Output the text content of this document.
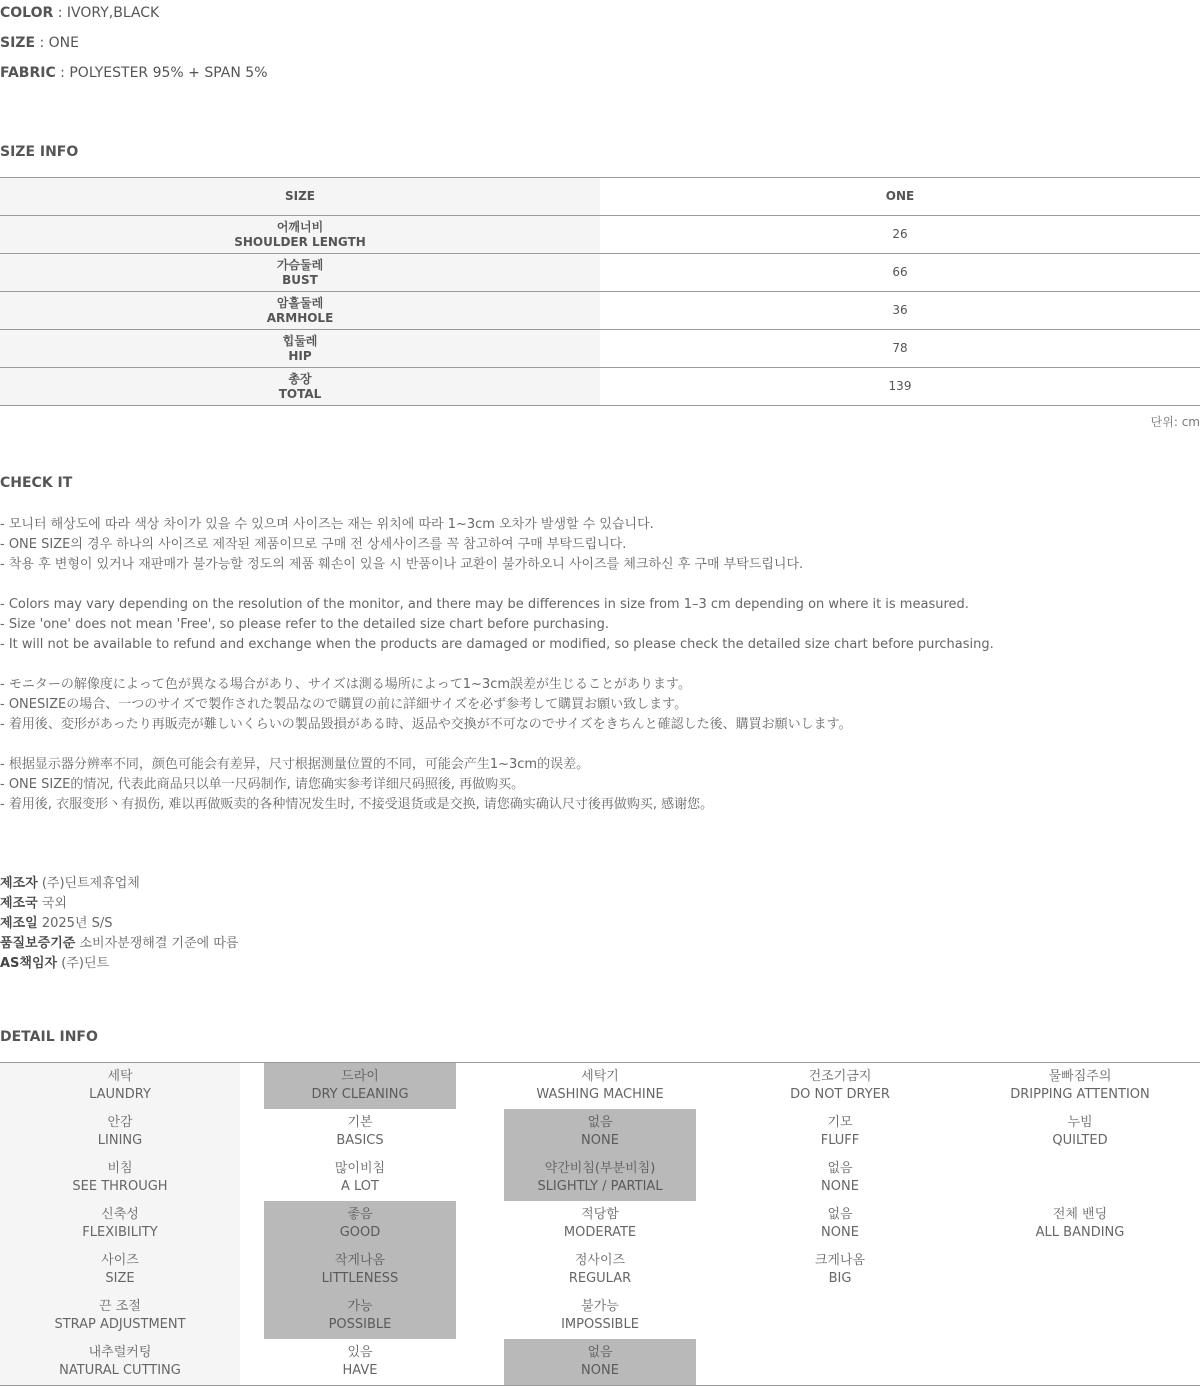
COLOR : IVORY,BLACK
SIZE : ONE
FABRIC : POLYESTER 95% + SPAN 5%
SIZE INFO
SIZE	ONE
어깨너비
SHOULDER LENGTH
26
가슴둘레
BUST
66
암홀둘레
ARMHOLE
36
힙둘레
HIP
78
총장
TOTAL
139
단위: cm
CHECK IT
- 모니터 해상도에 따라 색상 차이가 있을 수 있으며 사이즈는 재는 위치에 따라 1~3cm 오차가 발생할 수 있습니다.
- ONE SIZE의 경우 하나의 사이즈로 제작된 제품이므로 구매 전 상세사이즈를 꼭 참고하여 구매 부탁드립니다.
- 착용 후 변형이 있거나 재판매가 불가능할 정도의 제품 훼손이 있을 시 반품이나 교환이 불가하오니 사이즈를 체크하신 후 구매 부탁드립니다.
- Colors may vary depending on the resolution of the monitor, and there may be differences in size from 1–3 cm depending on where it is measured.
- Size 'one' does not mean 'Free', so please refer to the detailed size chart before purchasing.
- It will not be available to refund and exchange when the products are damaged or modified, so please check the detailed size chart before purchasing.
- モニターの解像度によって色が異なる場合があり、サイズは測る場所によって1~3cm誤差が生じることがあります。
- ONESIZEの場合、一つのサイズで製作された製品なので購買の前に詳細サイズを必ず参考して購買お願い致します。
- 着用後、変形があったり再販売が難しいくらいの製品毀損がある時、返品や交換が不可なのでサイズをきちんと確認した後、購買お願いします。
- 根据显示器分辨率不同，颜色可能会有差异，尺寸根据测量位置的不同，可能会产生1~3cm的误差。
- ONE SIZE的情况, 代表此商品只以单一尺码制作, 请您确实参考详细尺码照後, 再做购买。
- 着用後, 衣服变形丶有损伤, 难以再做贩卖的各种情况发生时, 不接受退货或是交换, 请您确实确认尺寸後再做购买, 感谢您。
제조자 (주)딘트제휴업체
제조국 국외
제조일 2025년 S/S
품질보증기준 소비자분쟁해결 기준에 따름
AS책임자 (주)딘트
DETAIL INFO
세탁
LAUNDRY
드라이
DRY CLEANING
세탁기
WASHING MACHINE
건조기금지
DO NOT DRYER
물빠짐주의
DRIPPING ATTENTION
안감
LINING
기본
BASICS
없음
NONE
기모
FLUFF
누빔
QUILTED
비침
SEE THROUGH
많이비침
A LOT
약간비침(부분비침)
SLIGHTLY / PARTIAL
없음
NONE
신축성
FLEXIBILITY
좋음
GOOD
적당함
MODERATE
없음
NONE
전체 밴딩
ALL BANDING
사이즈
SIZE
작게나옴
LITTLENESS
정사이즈
REGULAR
크게나옴
BIG
끈 조절
STRAP ADJUSTMENT
가능
POSSIBLE
불가능
IMPOSSIBLE
내추럴커팅
NATURAL CUTTING
있음
HAVE
없음
NONE
